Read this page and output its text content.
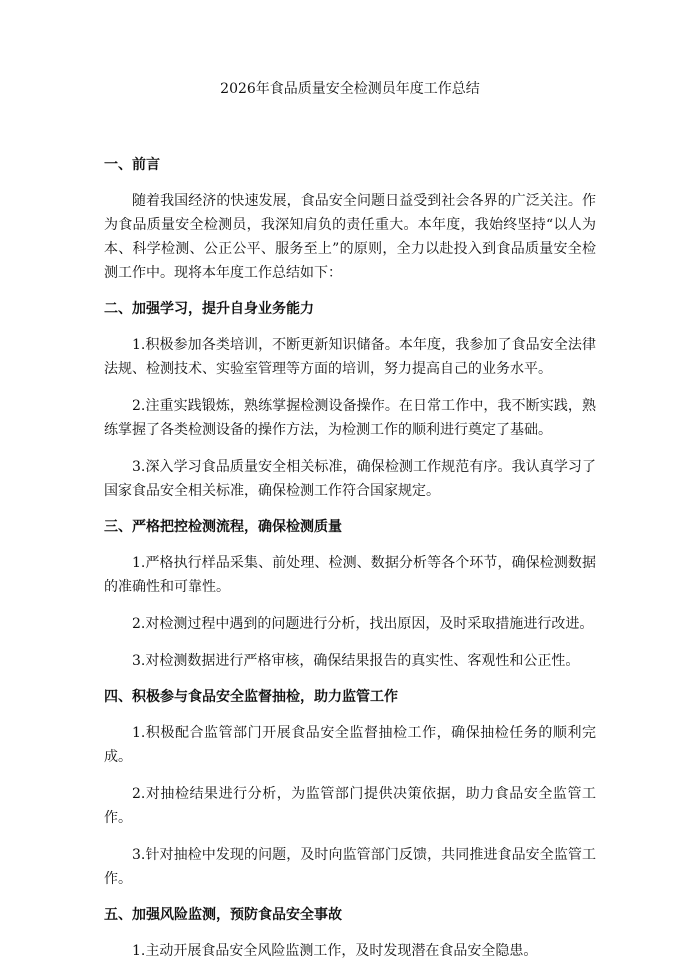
2026年食品质量安全检测员年度工作总结
一、前言

随着我国经济的快速发展，食品安全问题日益受到社会各界的广泛关注。作为食品质量安全检测员，我深知肩负的责任重大。本年度，我始终坚持“以人为本、科学检测、公正公平、服务至上”的原则，全力以赴投入到食品质量安全检测工作中。现将本年度工作总结如下：

二、加强学习，提升自身业务能力

1.积极参加各类培训，不断更新知识储备。本年度，我参加了食品安全法律法规、检测技术、实验室管理等方面的培训，努力提高自己的业务水平。

2.注重实践锻炼，熟练掌握检测设备操作。在日常工作中，我不断实践，熟练掌握了各类检测设备的操作方法，为检测工作的顺利进行奠定了基础。

3.深入学习食品质量安全相关标准，确保检测工作规范有序。我认真学习了国家食品安全相关标准，确保检测工作符合国家规定。

三、严格把控检测流程，确保检测质量

1.严格执行样品采集、前处理、检测、数据分析等各个环节，确保检测数据的准确性和可靠性。

2.对检测过程中遇到的问题进行分析，找出原因，及时采取措施进行改进。

3.对检测数据进行严格审核，确保结果报告的真实性、客观性和公正性。

四、积极参与食品安全监督抽检，助力监管工作

1.积极配合监管部门开展食品安全监督抽检工作，确保抽检任务的顺利完成。

2.对抽检结果进行分析，为监管部门提供决策依据，助力食品安全监管工作。

3.针对抽检中发现的问题，及时向监管部门反馈，共同推进食品安全监管工作。

五、加强风险监测，预防食品安全事故

1.主动开展食品安全风险监测工作，及时发现潜在食品安全隐患。
